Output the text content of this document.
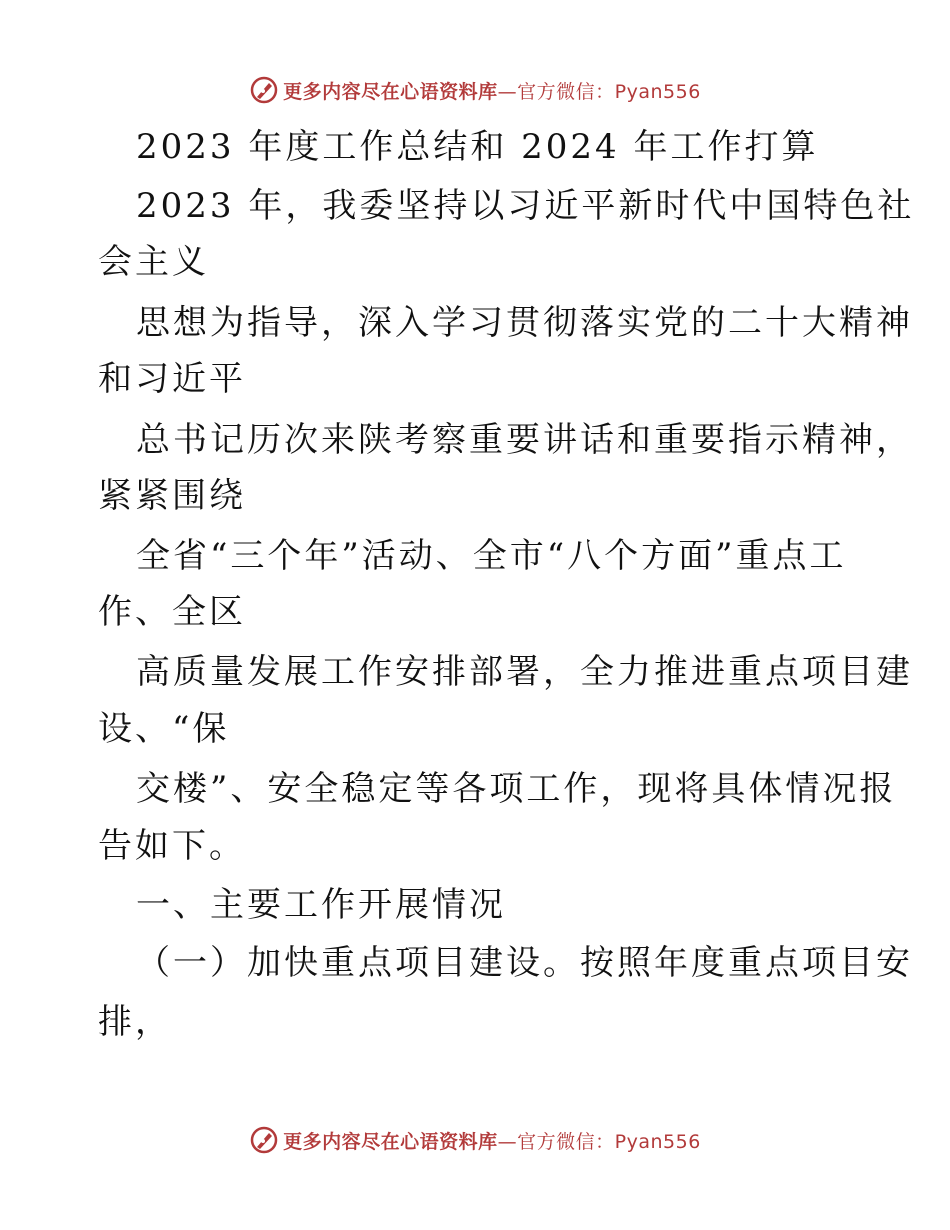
更多内容尽在心语资料库—官方微信：Pyan556
2023 年度工作总结和 2024 年工作打算
2023 年，我委坚持以习近平新时代中国特色社
会主义
思想为指导，深入学习贯彻落实党的二十大精神
和习近平
总书记历次来陕考察重要讲话和重要指示精神，
紧紧围绕
全省“三个年”活动、全市“八个方面”重点工
作、全区
高质量发展工作安排部署，全力推进重点项目建
设、“保
交楼”、安全稳定等各项工作，现将具体情况报
告如下。
一、主要工作开展情况
（一）加快重点项目建设。按照年度重点项目安
排，
更多内容尽在心语资料库—官方微信：Pyan556
